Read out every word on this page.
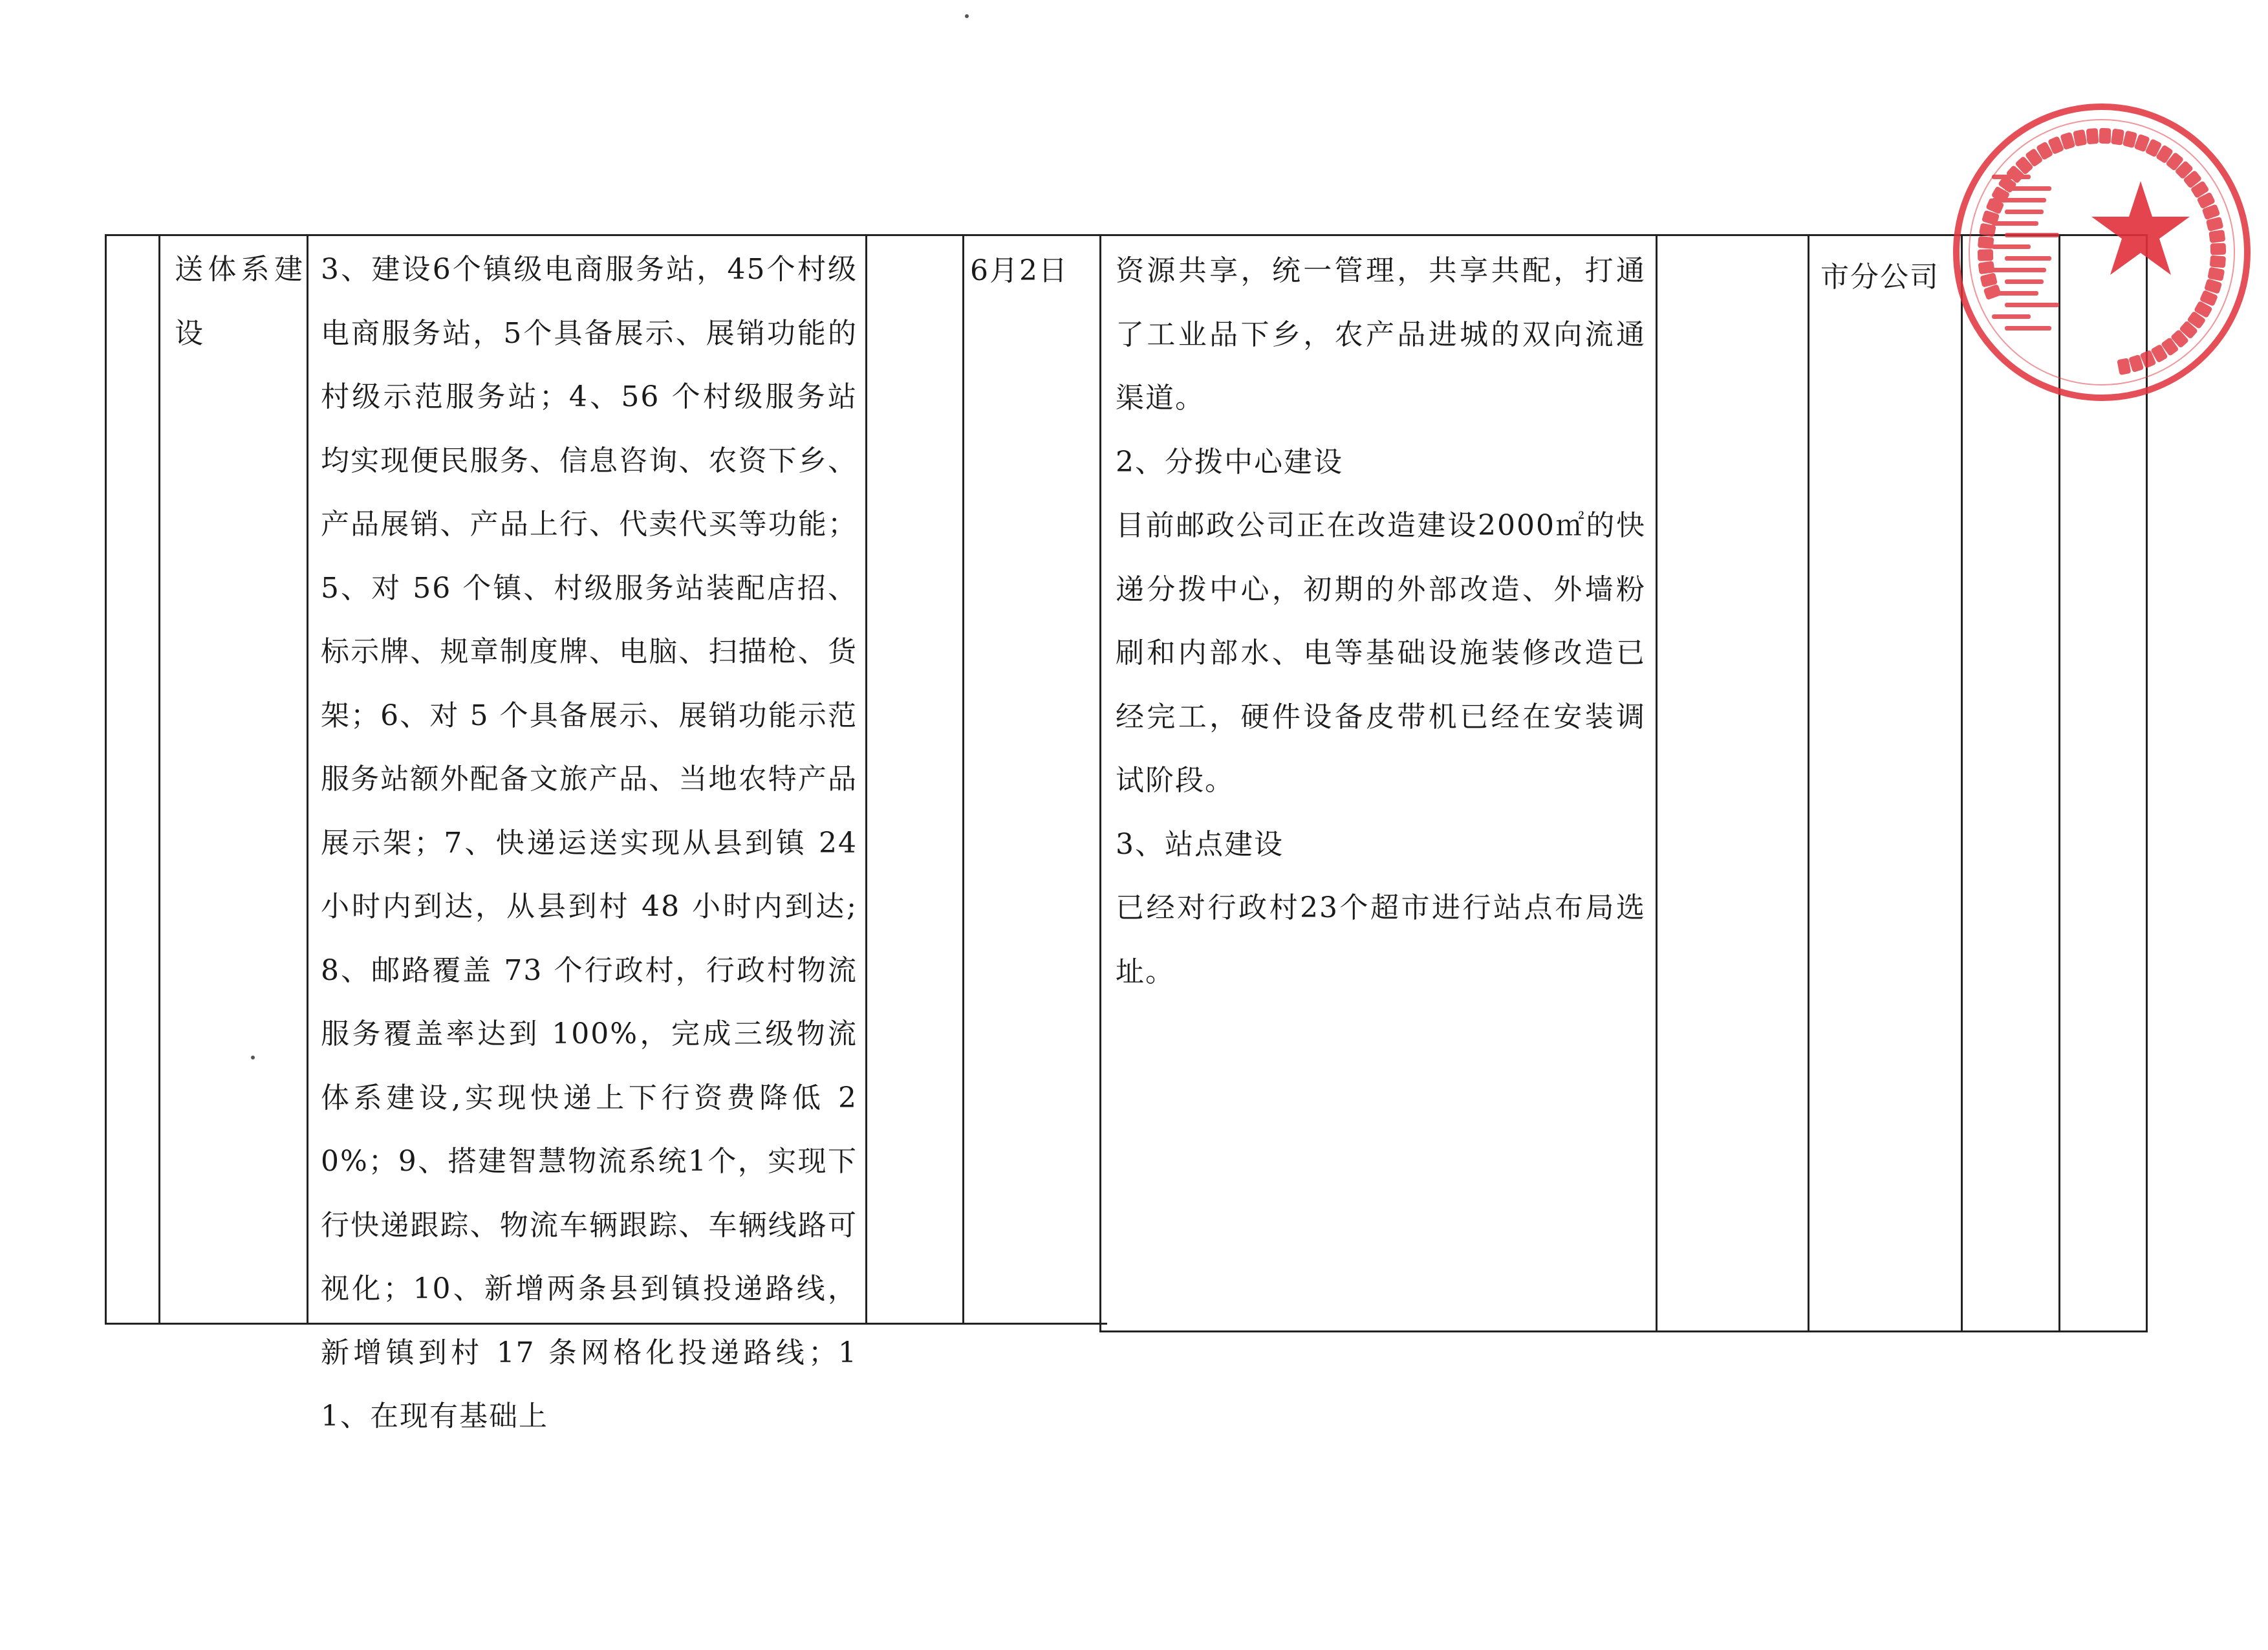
送体系建设
3、建设6个镇级电商服务站，45个村级电商服务站，5个具备展示、展销功能的村级示范服务站；4、56 个村级服务站均实现便民服务、信息咨询、农资下乡、产品展销、产品上行、代卖代买等功能；5、对 56 个镇、村级服务站装配店招、标示牌、规章制度牌、电脑、扫描枪、货架；6、对 5 个具备展示、展销功能示范服务站额外配备文旅产品、当地农特产品展示架；7、快递运送实现从县到镇 24 小时内到达，从县到村 48 小时内到达;8、邮路覆盖 73 个行政村，行政村物流服务覆盖率达到 100%，完成三级物流体系建设,实现快递上下行资费降低 20%；9、搭建智慧物流系统1个，实现下行快递跟踪、物流车辆跟踪、车辆线路可视化；10、新增两条县到镇投递路线，新增镇到村 17 条网格化投递路线；11、在现有基础上
6月2日	资源共享，统一管理，共享共配，打通了工业品下乡，农产品进城的双向流通渠道。
2、分拨中心建设
目前邮政公司正在改造建设2000㎡的快递分拨中心，初期的外部改造、外墙粉刷和内部水、电等基础设施装修改造已经完工，硬件设备皮带机已经在安装调试阶段。
3、站点建设
已经对行政村23个超市进行站点布局选址。
市分公司
